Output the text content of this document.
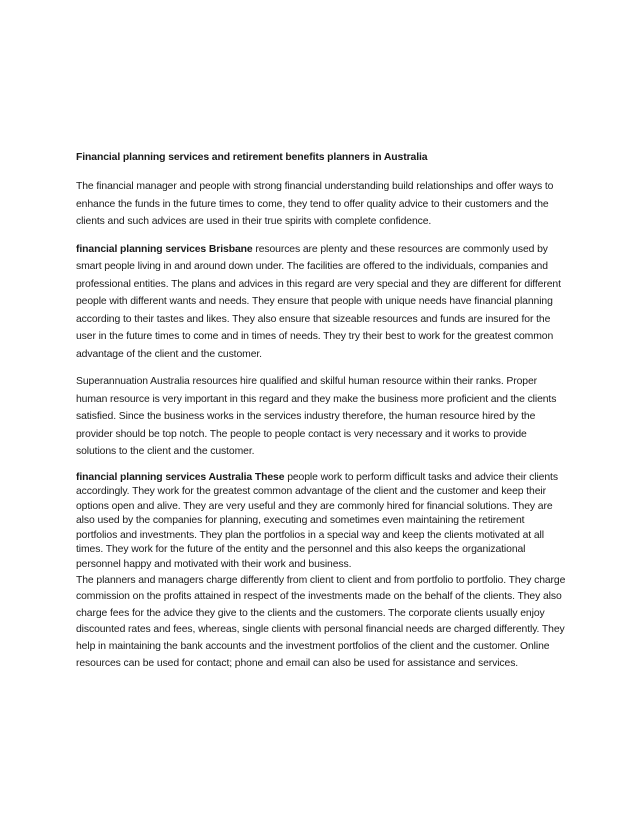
Financial planning services and retirement benefits planners in Australia

The financial manager and people with strong financial understanding build relationships and offer ways to enhance the funds in the future times to come, they tend to offer quality advice to their customers and the clients and such advices are used in their true spirits with complete confidence.

financial planning services Brisbane resources are plenty and these resources are commonly used by smart people living in and around down under. The facilities are offered to the individuals, companies and professional entities. The plans and advices in this regard are very special and they are different for different people with different wants and needs. They ensure that people with unique needs have financial planning according to their tastes and likes. They also ensure that sizeable resources and funds are insured for the user in the future times to come and in times of needs. They try their best to work for the greatest common advantage of the client and the customer.

Superannuation Australia resources hire qualified and skilful human resource within their ranks. Proper human resource is very important in this regard and they make the business more proficient and the clients satisfied. Since the business works in the services industry therefore, the human resource hired by the provider should be top notch. The people to people contact is very necessary and it works to provide solutions to the client and the customer.

financial planning services Australia These people work to perform difficult tasks and advice their clients accordingly. They work for the greatest common advantage of the client and the customer and keep their options open and alive. They are very useful and they are commonly hired for financial solutions. They are also used by the companies for planning, executing and sometimes even maintaining the retirement portfolios and investments. They plan the portfolios in a special way and keep the clients motivated at all times. They work for the future of the entity and the personnel and this also keeps the organizational personnel happy and motivated with their work and business.

The planners and managers charge differently from client to client and from portfolio to portfolio. They charge commission on the profits attained in respect of the investments made on the behalf of the clients. They also charge fees for the advice they give to the clients and the customers. The corporate clients usually enjoy discounted rates and fees, whereas, single clients with personal financial needs are charged differently. They help in maintaining the bank accounts and the investment portfolios of the client and the customer. Online resources can be used for contact; phone and email can also be used for assistance and services.
